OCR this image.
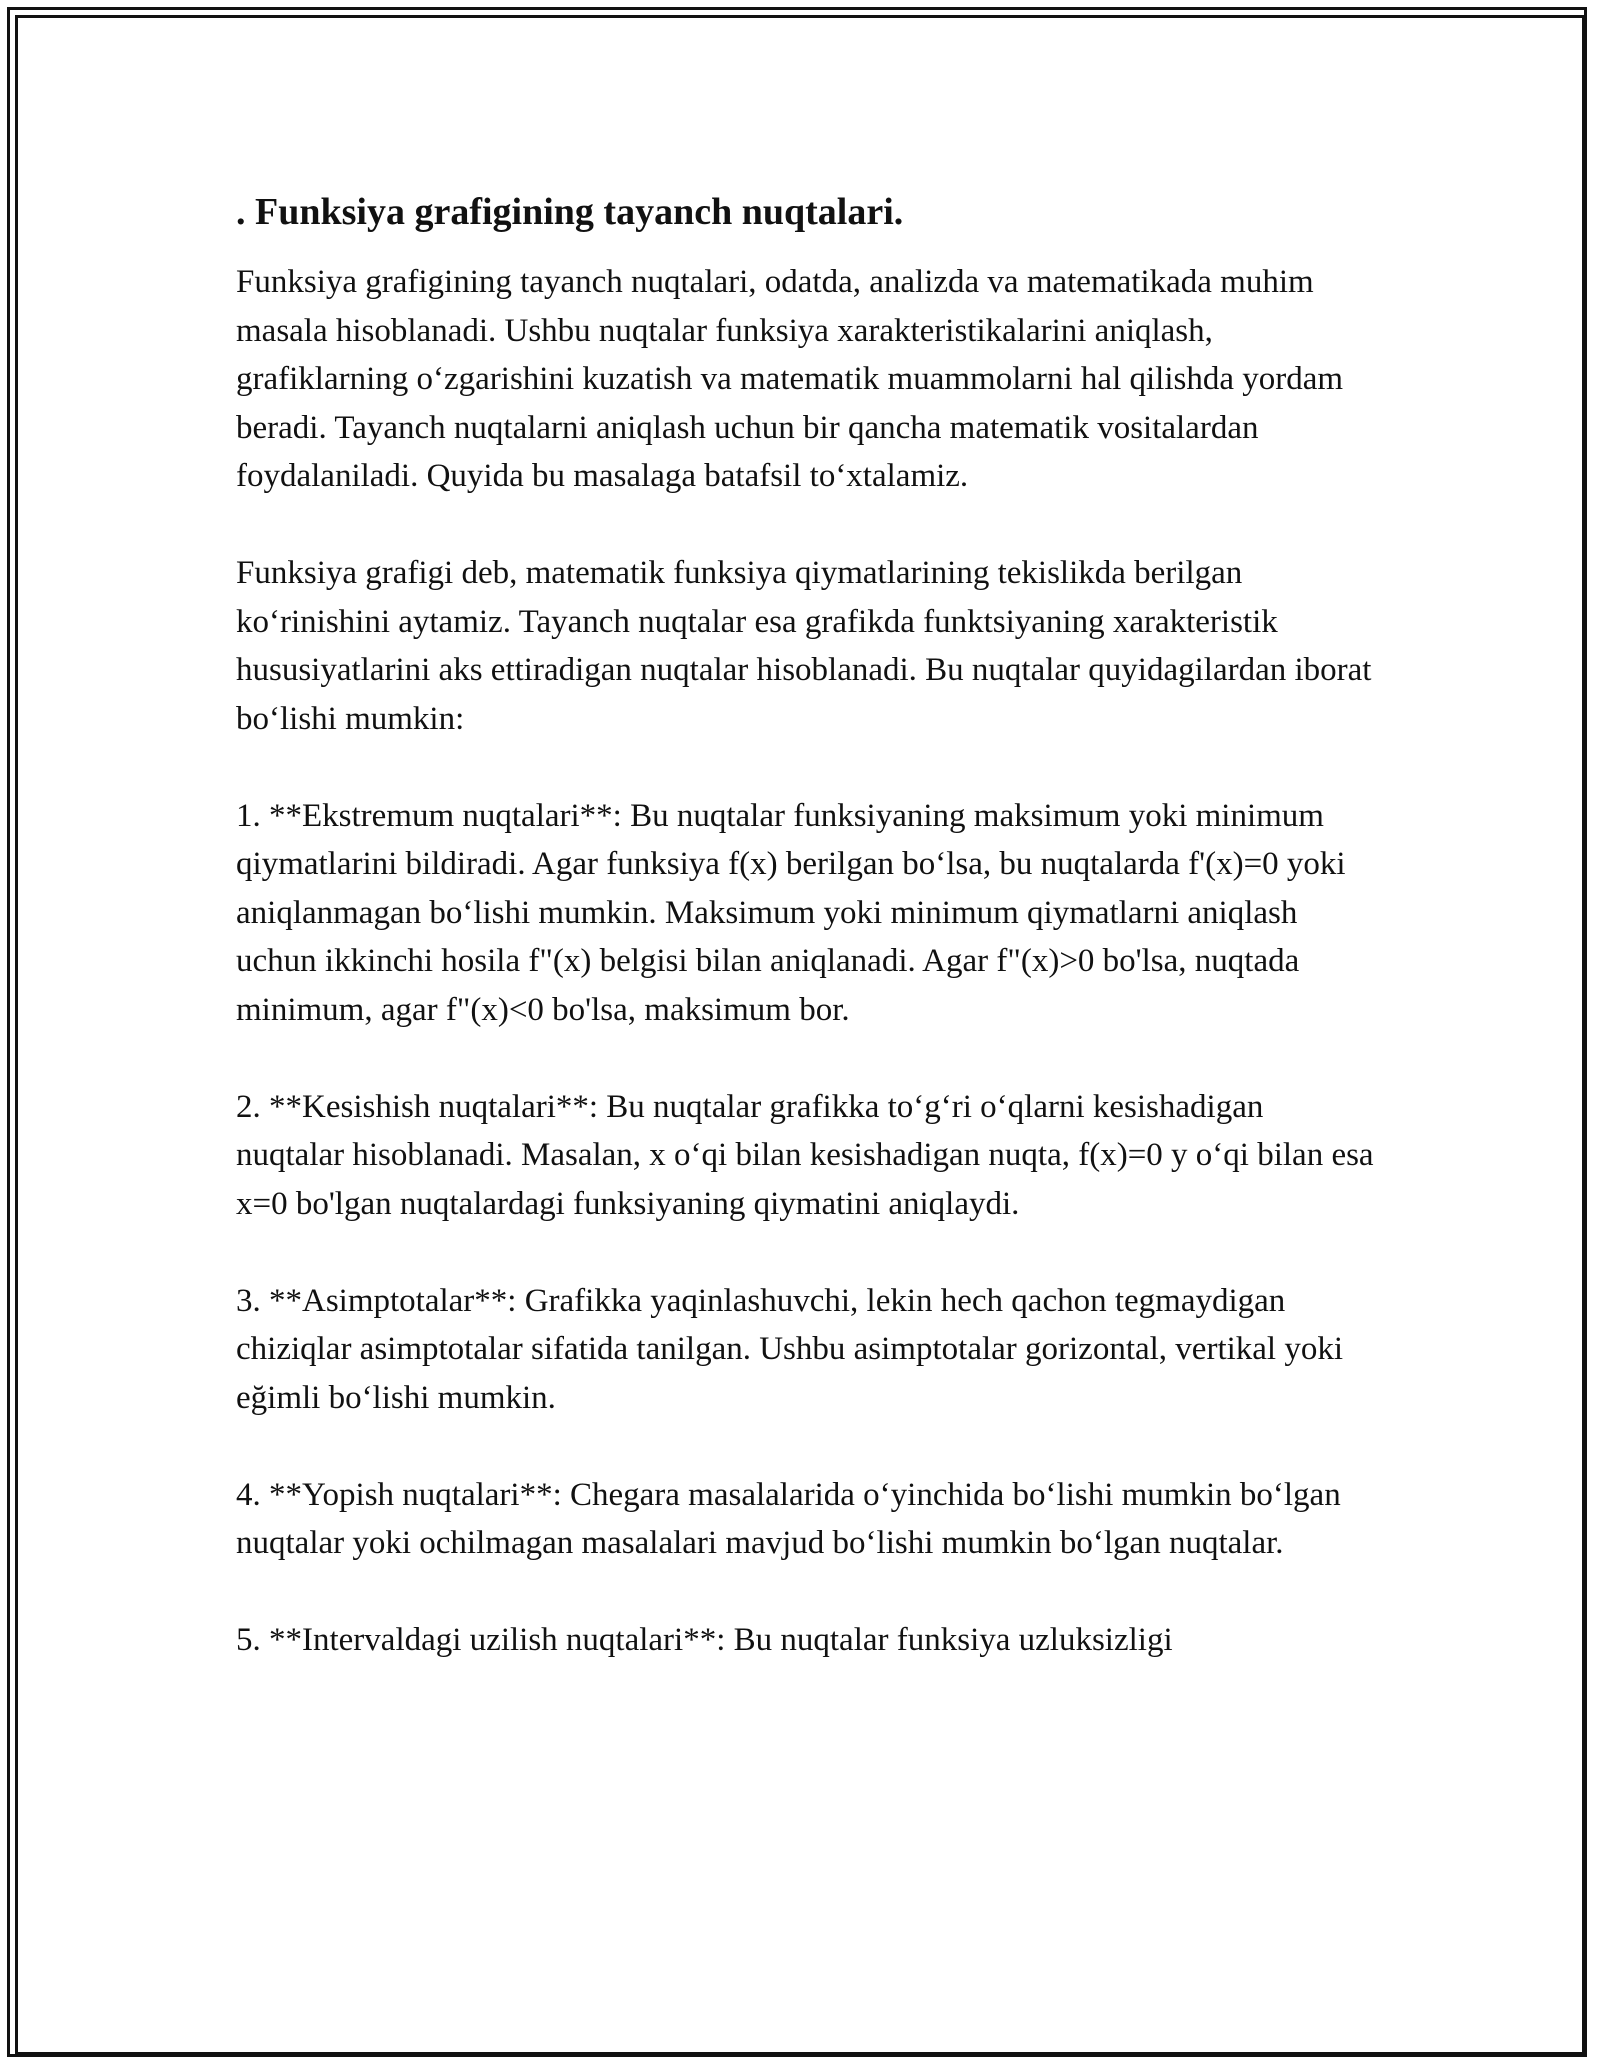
. Funksiya grafigining tayanch nuqtalari.

Funksiya grafigining tayanch nuqtalari, odatda, analizda va matematikada muhim masala hisoblanadi. Ushbu nuqtalar funksiya xarakteristikalarini aniqlash, grafiklarning oʻzgarishini kuzatish va matematik muammolarni hal qilishda yordam beradi. Tayanch nuqtalarni aniqlash uchun bir qancha matematik vositalardan foydalaniladi. Quyida bu masalaga batafsil toʻxtalamiz.

Funksiya grafigi deb, matematik funksiya qiymatlarining tekislikda berilgan koʻrinishini aytamiz. Tayanch nuqtalar esa grafikda funktsiyaning xarakteristik hususiyatlarini aks ettiradigan nuqtalar hisoblanadi. Bu nuqtalar quyidagilardan iborat boʻlishi mumkin:

1. **Ekstremum nuqtalari**: Bu nuqtalar funksiyaning maksimum yoki minimum qiymatlarini bildiradi. Agar funksiya f(x) berilgan boʻlsa, bu nuqtalarda f'(x)=0 yoki aniqlanmagan boʻlishi mumkin. Maksimum yoki minimum qiymatlarni aniqlash uchun ikkinchi hosila f"(x) belgisi bilan aniqlanadi. Agar f"(x)>0 bo'lsa, nuqtada minimum, agar f"(x)<0 bo'lsa, maksimum bor.

2. **Kesishish nuqtalari**: Bu nuqtalar grafikka toʻgʻri oʻqlarni kesishadigan nuqtalar hisoblanadi. Masalan, x oʻqi bilan kesishadigan nuqta, f(x)=0 y oʻqi bilan esa x=0 bo'lgan nuqtalardagi funksiyaning qiymatini aniqlaydi.

3. **Asimptotalar**: Grafikka yaqinlashuvchi, lekin hech qachon tegmaydigan chiziqlar asimptotalar sifatida tanilgan. Ushbu asimptotalar gorizontal, vertikal yoki eğimli boʻlishi mumkin.

4. **Yopish nuqtalari**: Chegara masalalarida oʻyinchida boʻlishi mumkin boʻlgan nuqtalar yoki ochilmagan masalalari mavjud boʻlishi mumkin boʻlgan nuqtalar.

5. **Intervaldagi uzilish nuqtalari**: Bu nuqtalar funksiya uzluksizligi
